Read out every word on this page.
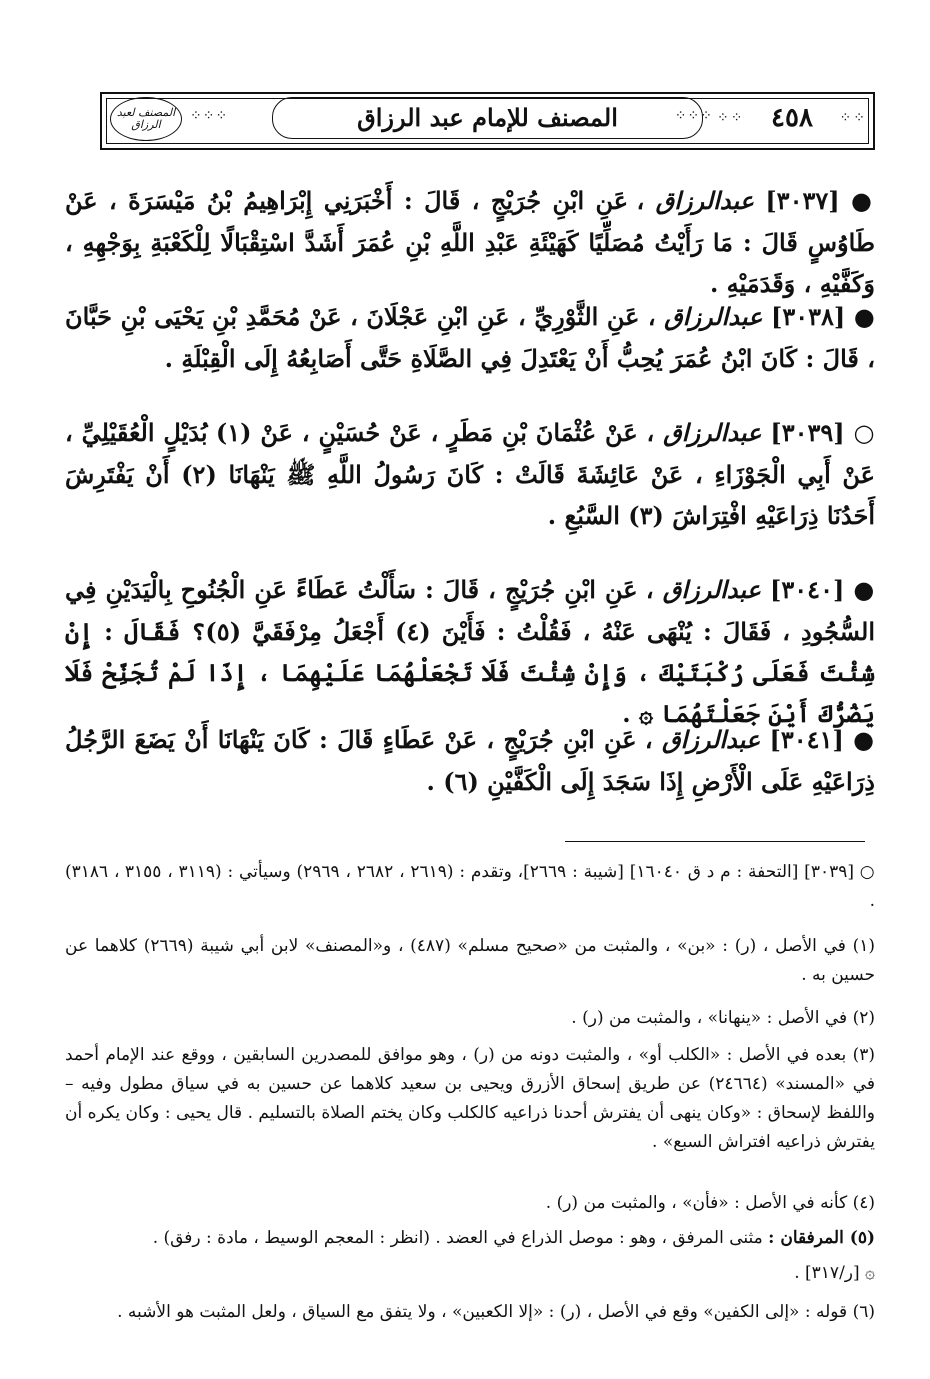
⁘⁘
٤٥٨
⁘⁘
⁘⁘⁘
المصنف للإمام عبد الرزاق
⁘⁘⁘
المصنف لعبد الرزاق

● [٣٠٣٧] عبدالرزاق ، عَنِ ابْنِ جُرَيْجٍ ، قَالَ : أَخْبَرَنِي إِبْرَاهِيمُ بْنُ مَيْسَرَةَ ، عَنْ طَاوُسٍ قَالَ : مَا رَأَيْتُ مُصَلِّيًا كَهَيْئَةِ عَبْدِ اللَّهِ بْنِ عُمَرَ أَشَدَّ اسْتِقْبَالًا لِلْكَعْبَةِ بِوَجْهِهِ ، وَكَفَّيْهِ ، وَقَدَمَيْهِ .

● [٣٠٣٨] عبدالرزاق ، عَنِ الثَّوْرِيِّ ، عَنِ ابْنِ عَجْلَانَ ، عَنْ مُحَمَّدِ بْنِ يَحْيَى بْنِ حَبَّانَ ، قَالَ : كَانَ ابْنُ عُمَرَ يُحِبُّ أَنْ يَعْتَدِلَ فِي الصَّلَاةِ حَتَّى أَصَابِعُهُ إِلَى الْقِبْلَةِ .

○ [٣٠٣٩] عبدالرزاق ، عَنْ عُثْمَانَ بْنِ مَطَرٍ ، عَنْ حُسَيْنٍ ، عَنْ (١) بُدَيْلٍ الْعُقَيْلِيِّ ، عَنْ أَبِي الْجَوْزَاءِ ، عَنْ عَائِشَةَ قَالَتْ : كَانَ رَسُولُ اللَّهِ ﷺ يَنْهَانَا (٢) أَنْ يَفْتَرِشَ أَحَدُنَا ذِرَاعَيْهِ افْتِرَاشَ (٣) السَّبُعِ .

● [٣٠٤٠] عبدالرزاق ، عَنِ ابْنِ جُرَيْجٍ ، قَالَ : سَأَلْتُ عَطَاءً عَنِ الْجُنُوحِ بِالْيَدَيْنِ فِي السُّجُودِ ، فَقَالَ : يُنْهَى عَنْهُ ، فَقُلْتُ : فَأَيْنَ (٤) أَجْعَلُ مِرْفَقَيَّ (٥)؟ فَقَالَ : إِنْ شِئْتَ فَعَلَى رُكْبَتَيْكَ ، وَإِنْ شِئْتَ فَلَا تَجْعَلْهُمَا عَلَيْهِمَا ، إِذَا لَمْ تُجَنِّحْ فَلَا يَضُرُّكَ أَيْنَ جَعَلْتَهُمَا ۞ .

● [٣٠٤١] عبدالرزاق ، عَنِ ابْنِ جُرَيْجٍ ، عَنْ عَطَاءٍ قَالَ : كَانَ يَنْهَانَا أَنْ يَضَعَ الرَّجُلُ ذِرَاعَيْهِ عَلَى الْأَرْضِ إِذَا سَجَدَ إِلَى الْكَفَّيْنِ (٦) .

○ [٣٠٣٩] [التحفة : م د ق ١٦٠٤٠] [شيبة : ٢٦٦٩]، وتقدم : (٢٦١٩ ، ٢٦٨٢ ، ٢٩٦٩) وسيأتي : (٣١١٩ ، ٣١٥٥ ، ٣١٨٦) .

(١) في الأصل ، (ر) : «بن» ، والمثبت من «صحيح مسلم» (٤٨٧) ، و«المصنف» لابن أبي شيبة (٢٦٦٩) كلاهما عن حسين به .

(٢) في الأصل : «ينهانا» ، والمثبت من (ر) .

(٣) بعده في الأصل : «الكلب أو» ، والمثبت دونه من (ر) ، وهو موافق للمصدرين السابقين ، ووقع عند الإمام أحمد في «المسند» (٢٤٦٦٤) عن طريق إسحاق الأزرق ويحيى بن سعيد كلاهما عن حسين به في سياق مطول وفيه – واللفظ لإسحاق : «وكان ينهى أن يفترش أحدنا ذراعيه كالكلب وكان يختم الصلاة بالتسليم . قال يحيى : وكان يكره أن يفترش ذراعيه افتراش السبع» .

(٤) كأنه في الأصل : «فأن» ، والمثبت من (ر) .

(٥) المرفقان : مثنى المرفق ، وهو : موصل الذراع في العضد . (انظر : المعجم الوسيط ، مادة : رفق) .

۞ [ر/٣١٧] .

(٦) قوله : «إلى الكفين» وقع في الأصل ، (ر) : «إلا الكعبين» ، ولا يتفق مع السياق ، ولعل المثبت هو الأشبه .
